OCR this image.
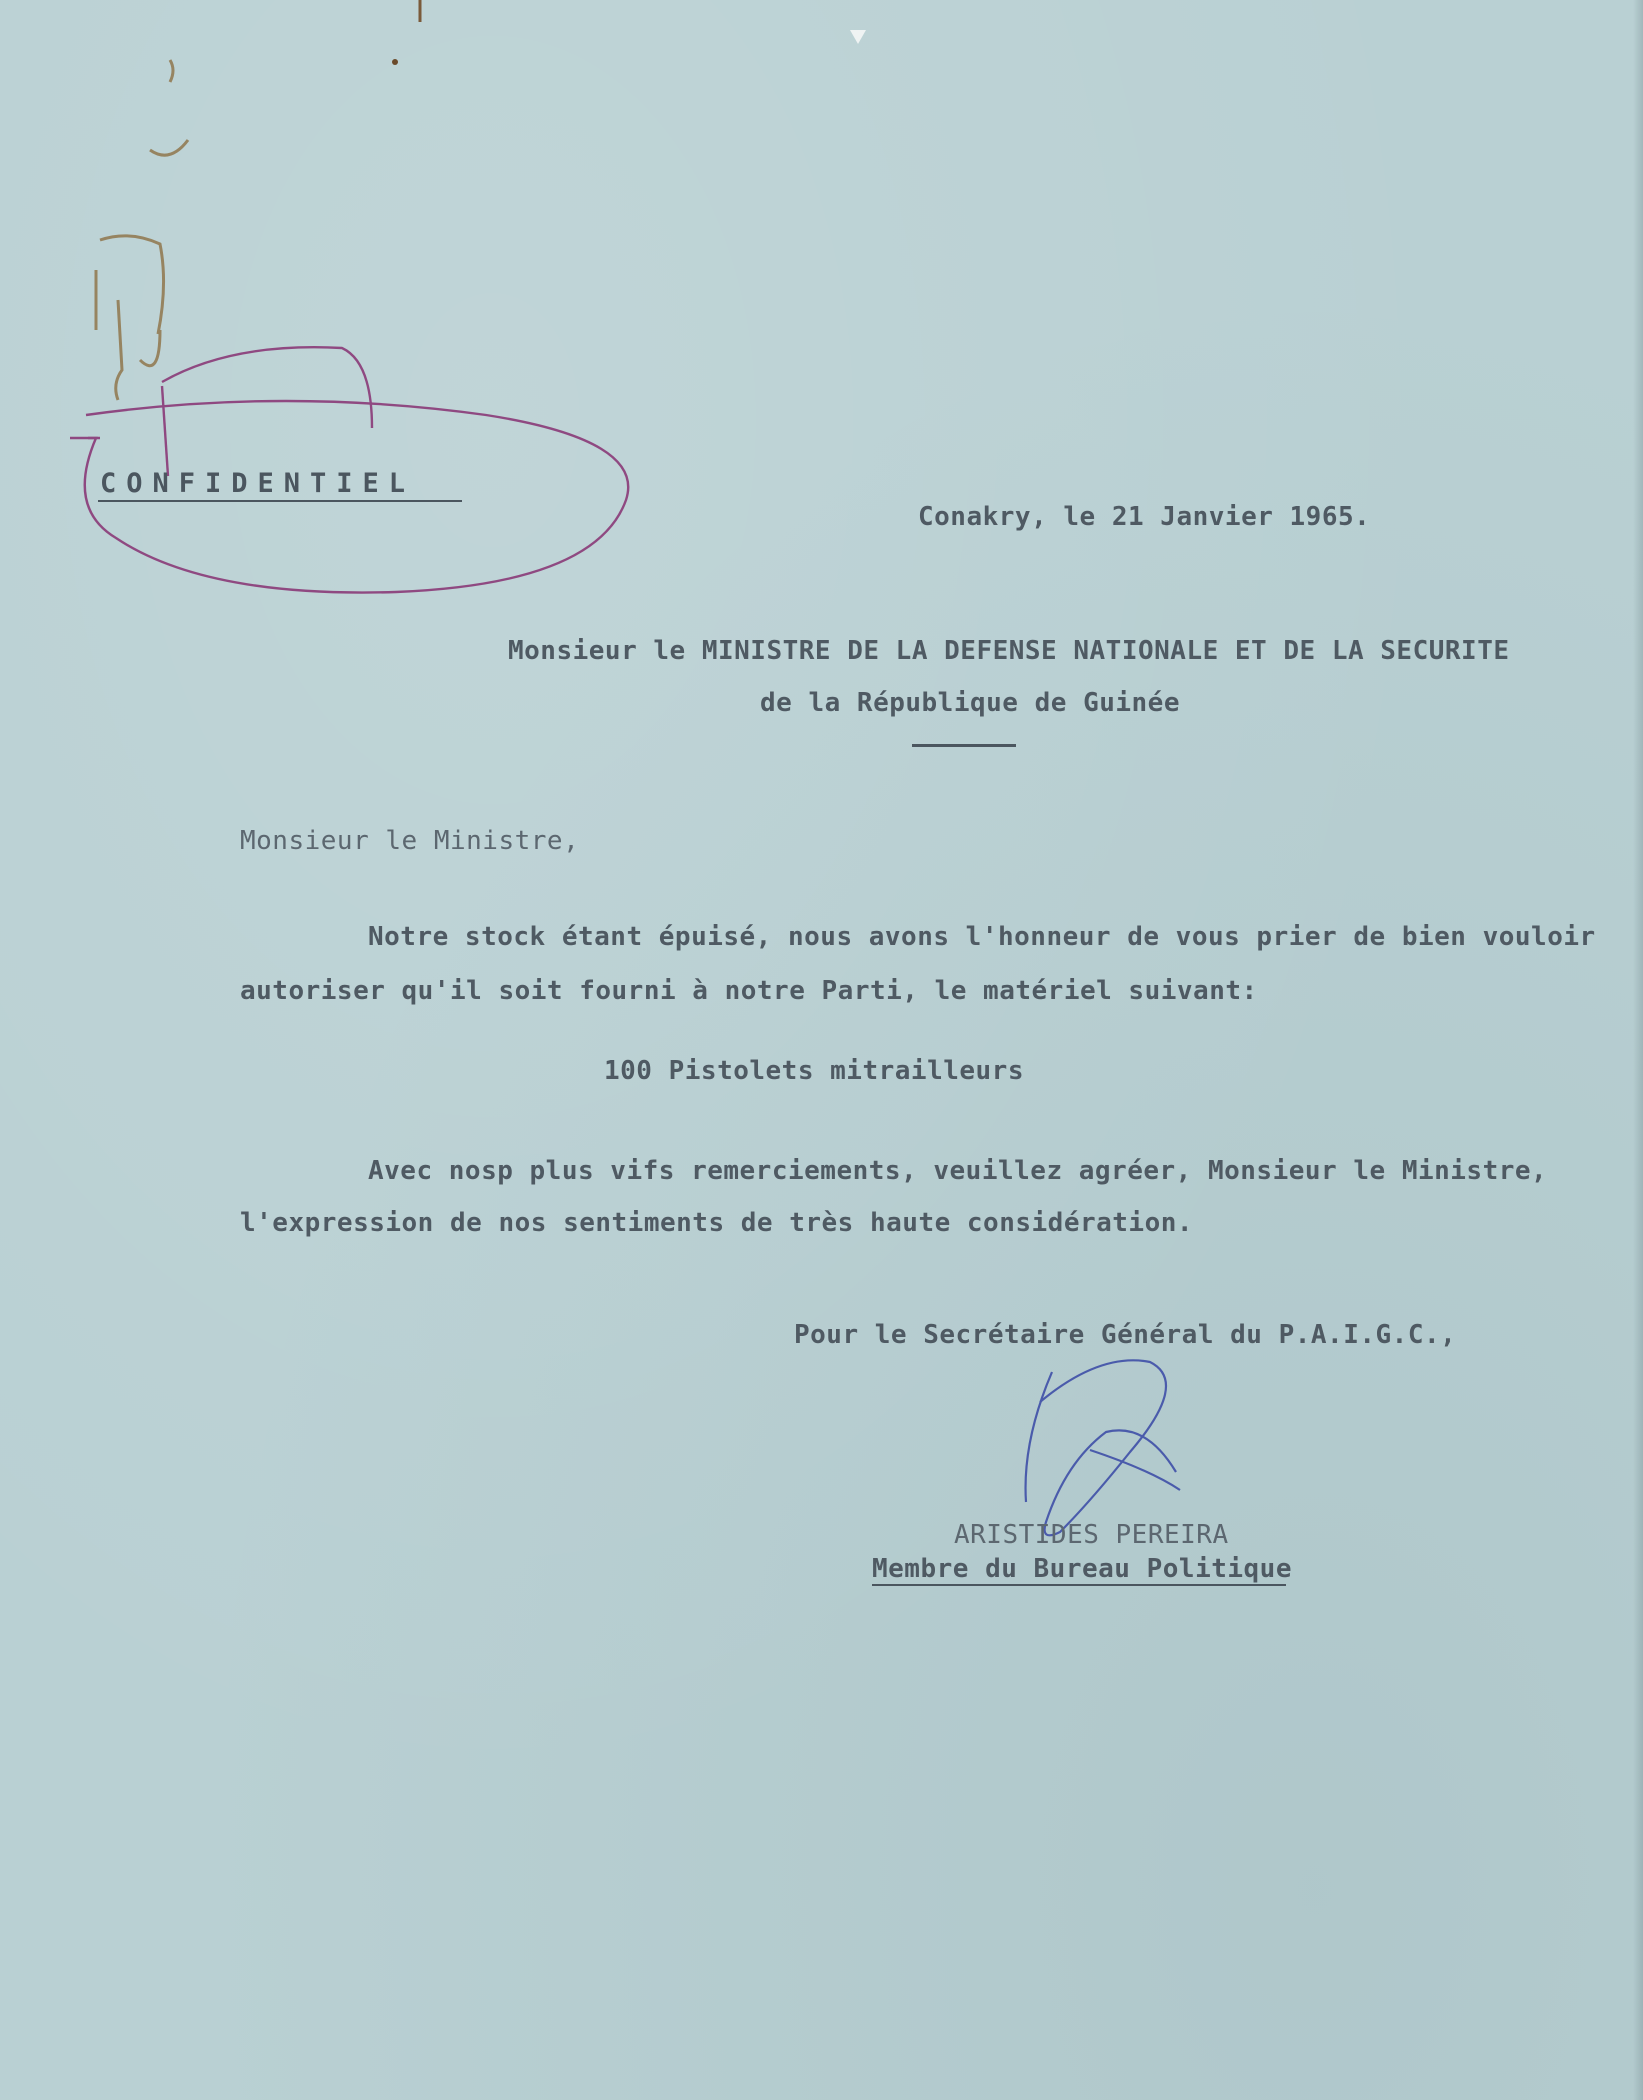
CONFIDENTIEL
Conakry, le 21 Janvier 1965.
Monsieur le MINISTRE DE LA DEFENSE NATIONALE ET DE LA SECURITE
de la République de Guinée
Monsieur le Ministre,
Notre stock étant épuisé, nous avons l'honneur de vous prier de bien vouloir
autoriser qu'il soit fourni à notre Parti, le matériel suivant:
100 Pistolets mitrailleurs
Avec nosp plus vifs remerciements, veuillez agréer, Monsieur le Ministre,
l'expression de nos sentiments de très haute considération.
Pour le Secrétaire Général du P.A.I.G.C.,
ARISTIDES PEREIRA
Membre du Bureau Politique
